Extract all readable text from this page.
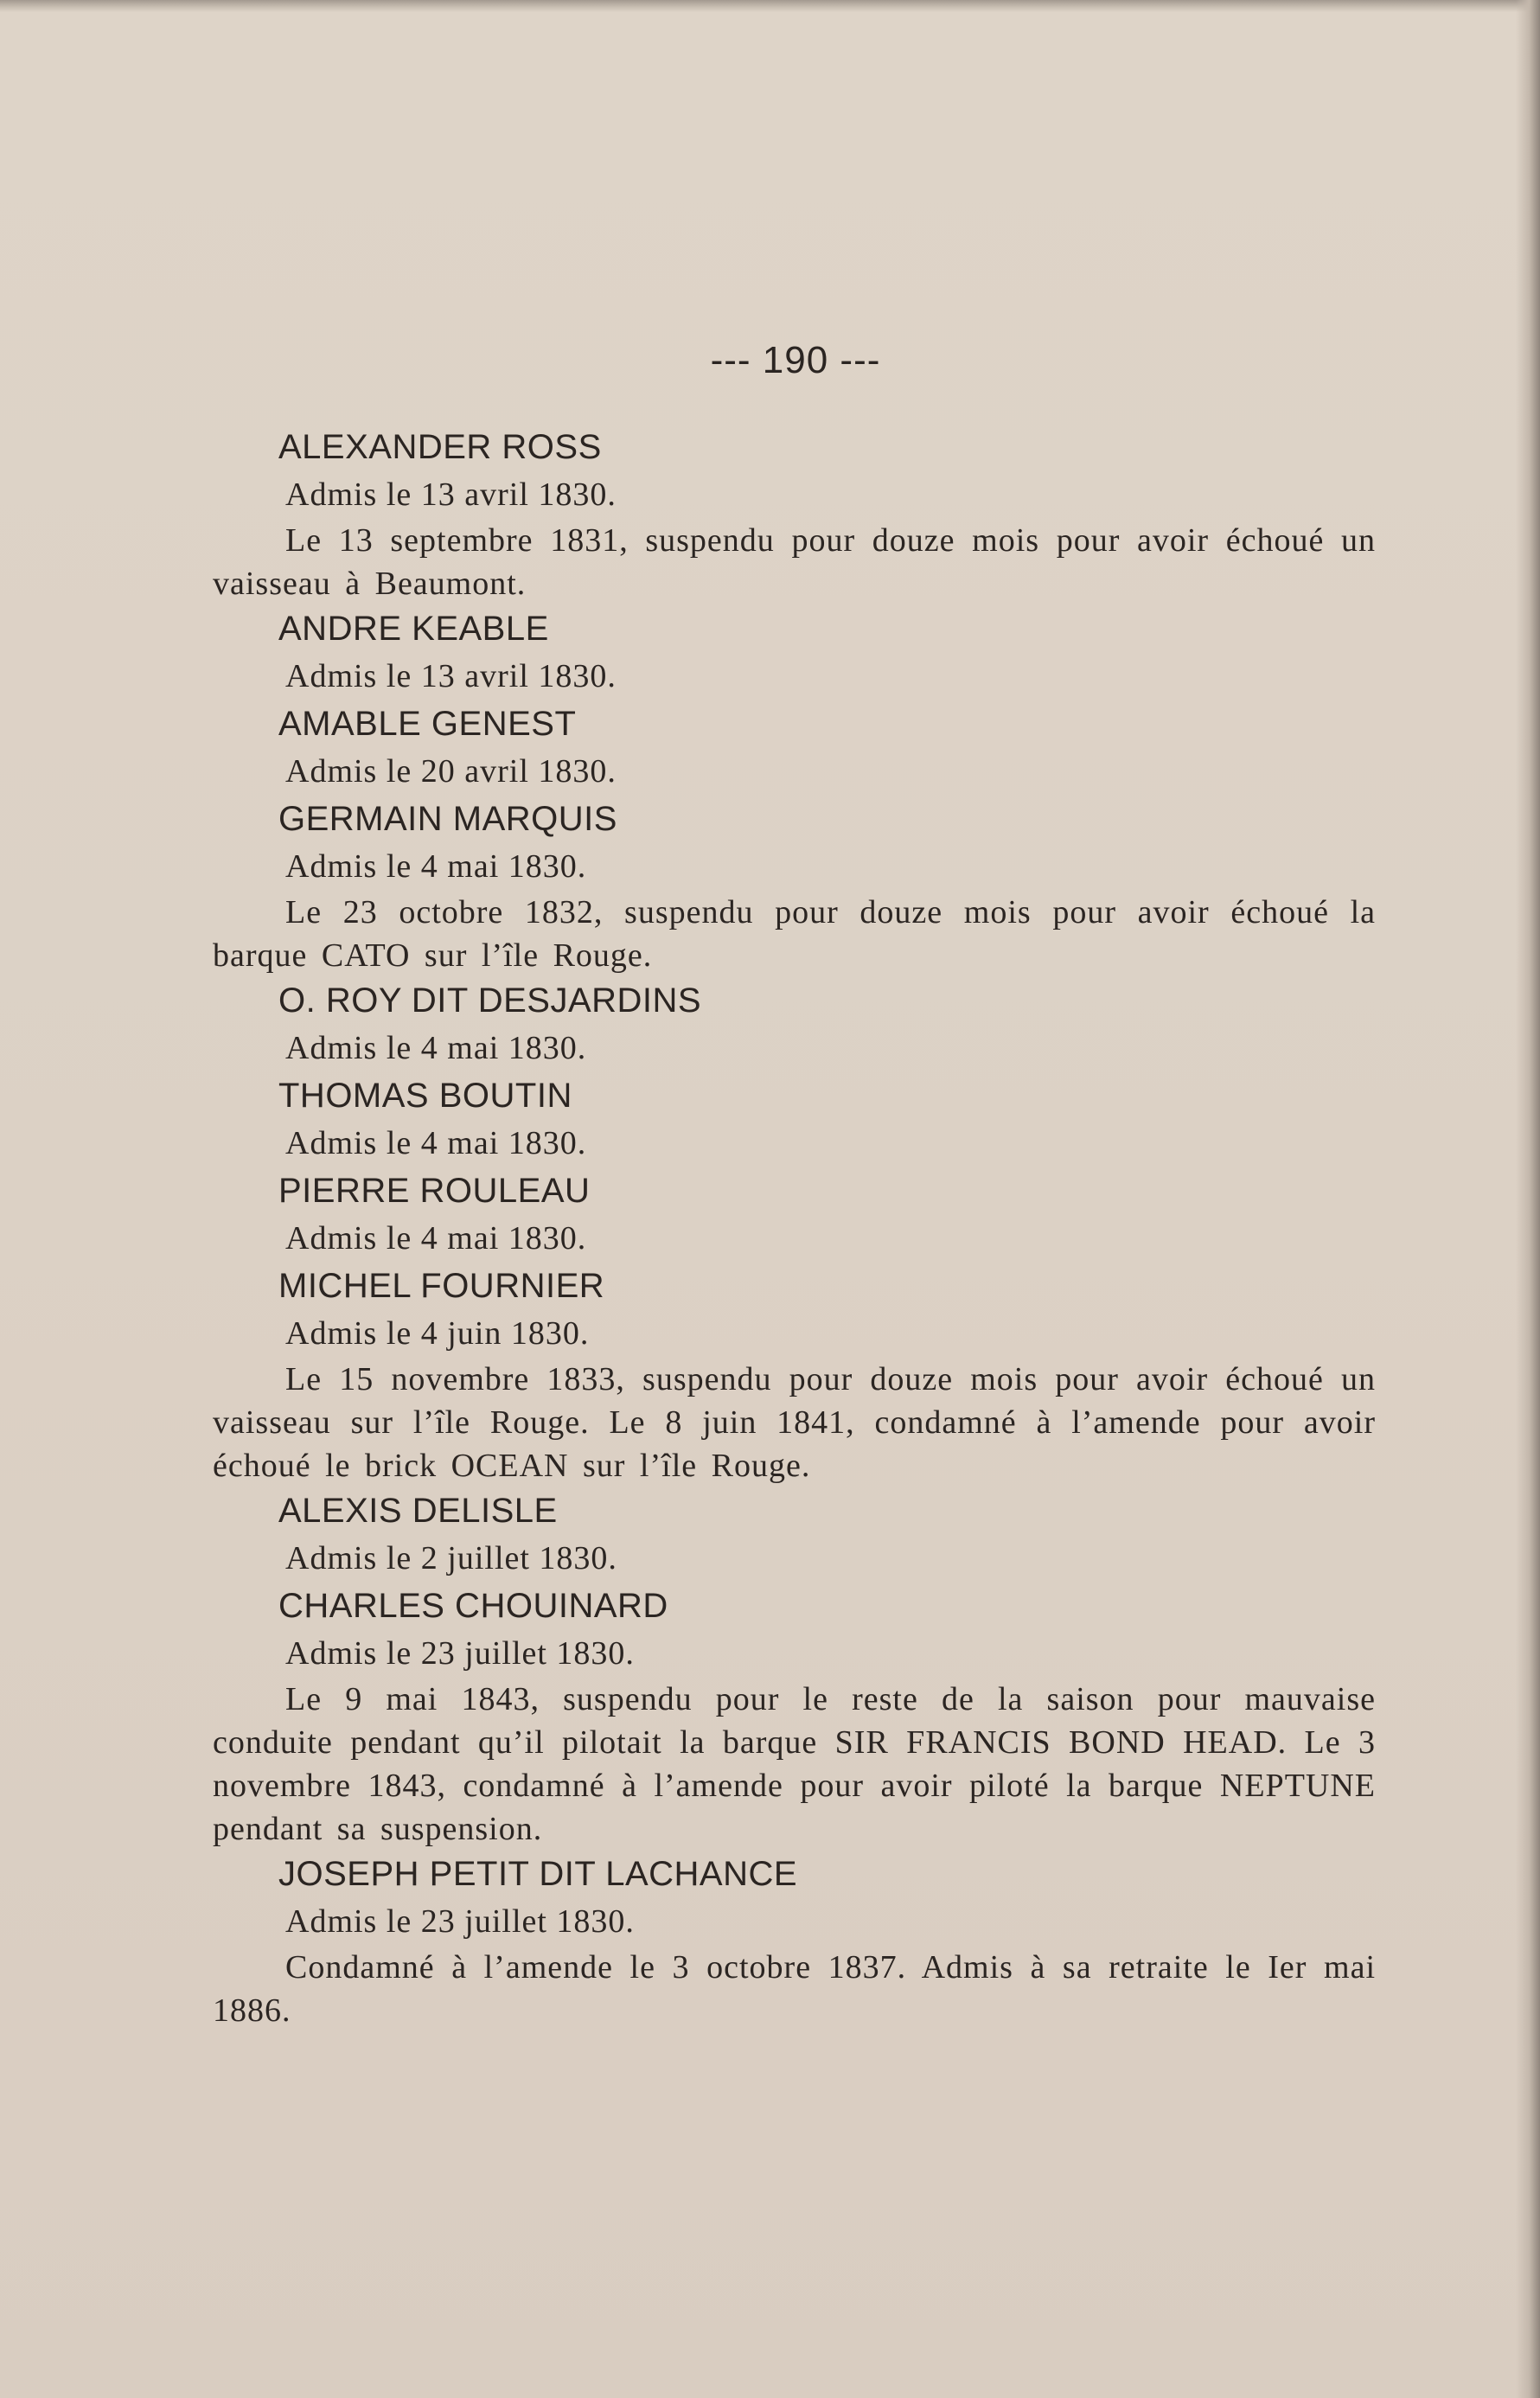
--- 190 ---
ALEXANDER ROSS
Admis le 13 avril 1830.

Le 13 septembre 1831, suspendu pour douze mois pour avoir échoué un vaisseau à Beaumont.

ANDRE KEABLE
Admis le 13 avril 1830.
AMABLE GENEST
Admis le 20 avril 1830.
GERMAIN MARQUIS
Admis le 4 mai 1830.

Le 23 octobre 1832, suspendu pour douze mois pour avoir échoué la barque CATO sur l’île Rouge.

O. ROY DIT DESJARDINS
Admis le 4 mai 1830.
THOMAS BOUTIN
Admis le 4 mai 1830.
PIERRE ROULEAU
Admis le 4 mai 1830.
MICHEL FOURNIER
Admis le 4 juin 1830.

Le 15 novembre 1833, suspendu pour douze mois pour avoir échoué un vaisseau sur l’île Rouge. Le 8 juin 1841, condamné à l’amende pour avoir échoué le brick OCEAN sur l’île Rouge.

ALEXIS DELISLE
Admis le 2 juillet 1830.
CHARLES CHOUINARD
Admis le 23 juillet 1830.

Le 9 mai 1843, suspendu pour le reste de la saison pour mauvaise conduite pendant qu’il pilotait la barque SIR FRANCIS BOND HEAD. Le 3 novembre 1843, condamné à l’amende pour avoir piloté la barque NEPTUNE pendant sa suspension.

JOSEPH PETIT DIT LACHANCE
Admis le 23 juillet 1830.

Condamné à l’amende le 3 octobre 1837. Admis à sa retraite le Ier mai 1886.
